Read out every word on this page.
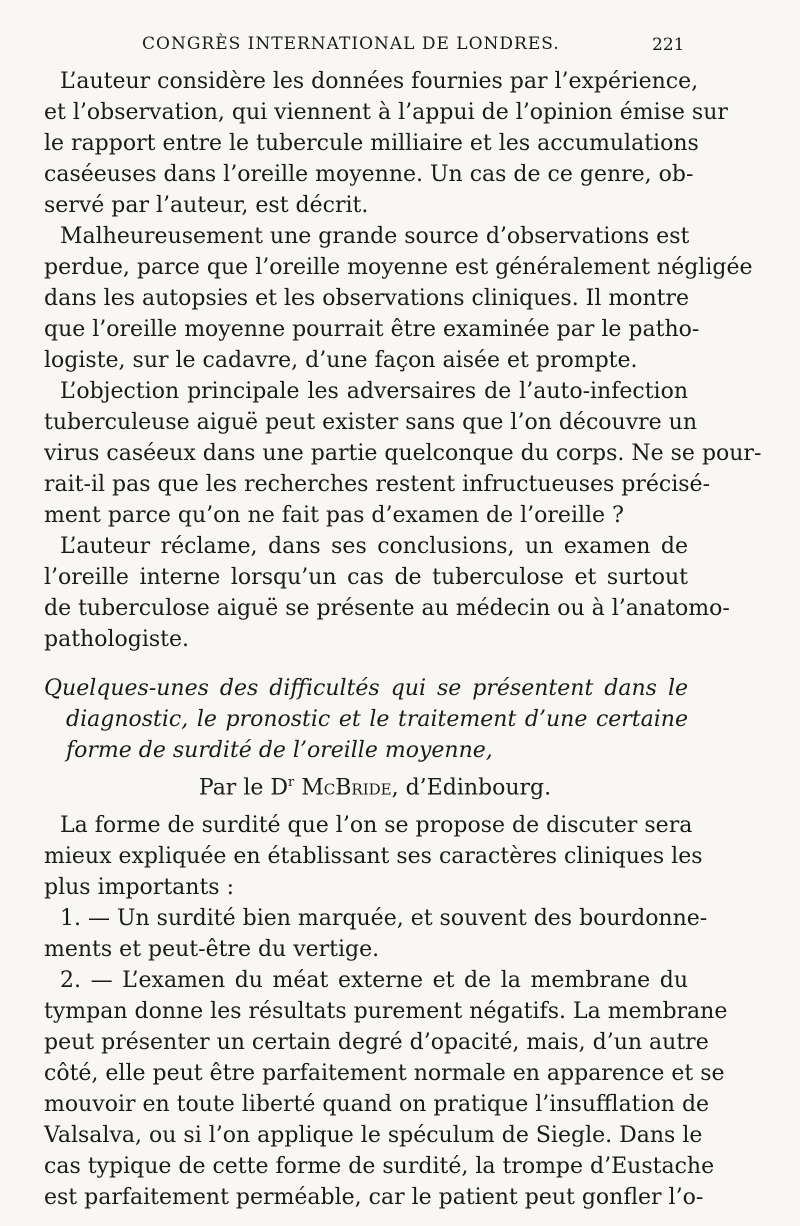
CONGRÈS INTERNATIONAL DE LONDRES.	221
L’auteur considère les données fournies par l’expérience,
et l’observation, qui viennent à l’appui de l’opinion émise sur
le rapport entre le tubercule milliaire et les accumulations
caséeuses dans l’oreille moyenne. Un cas de ce genre, ob-
servé par l’auteur, est décrit.
Malheureusement une grande source d’observations est
perdue, parce que l’oreille moyenne est généralement négligée
dans les autopsies et les observations cliniques. Il montre
que l’oreille moyenne pourrait être examinée par le patho-
logiste, sur le cadavre, d’une façon aisée et prompte.
L’objection principale les adversaires de l’auto-infection
tuberculeuse aiguë peut exister sans que l’on découvre un
virus caséeux dans une partie quelconque du corps. Ne se pour-
rait-il pas que les recherches restent infructueuses précisé-
ment parce qu’on ne fait pas d’examen de l’oreille ?
L’auteur réclame, dans ses conclusions, un examen de
l’oreille interne lorsqu’un cas de tuberculose et surtout
de tuberculose aiguë se présente au médecin ou à l’anatomo-
pathologiste.
Quelques-unes des difficultés qui se présentent dans le
diagnostic, le pronostic et le traitement d’une certaine
forme de surdité de l’oreille moyenne,
Par le $D^r$ McBride, d’Edinbourg.
La forme de surdité que l’on se propose de discuter sera
mieux expliquée en établissant ses caractères cliniques les
plus importants :
1. — Un surdité bien marquée, et souvent des bourdonne-
ments et peut-être du vertige.
2. — L’examen du méat externe et de la membrane du
tympan donne les résultats purement négatifs. La membrane
peut présenter un certain degré d’opacité, mais, d’un autre
côté, elle peut être parfaitement normale en apparence et se
mouvoir en toute liberté quand on pratique l’insufflation de
Valsalva, ou si l’on applique le spéculum de Siegle. Dans le
cas typique de cette forme de surdité, la trompe d’Eustache
est parfaitement perméable, car le patient peut gonfler l’o-
